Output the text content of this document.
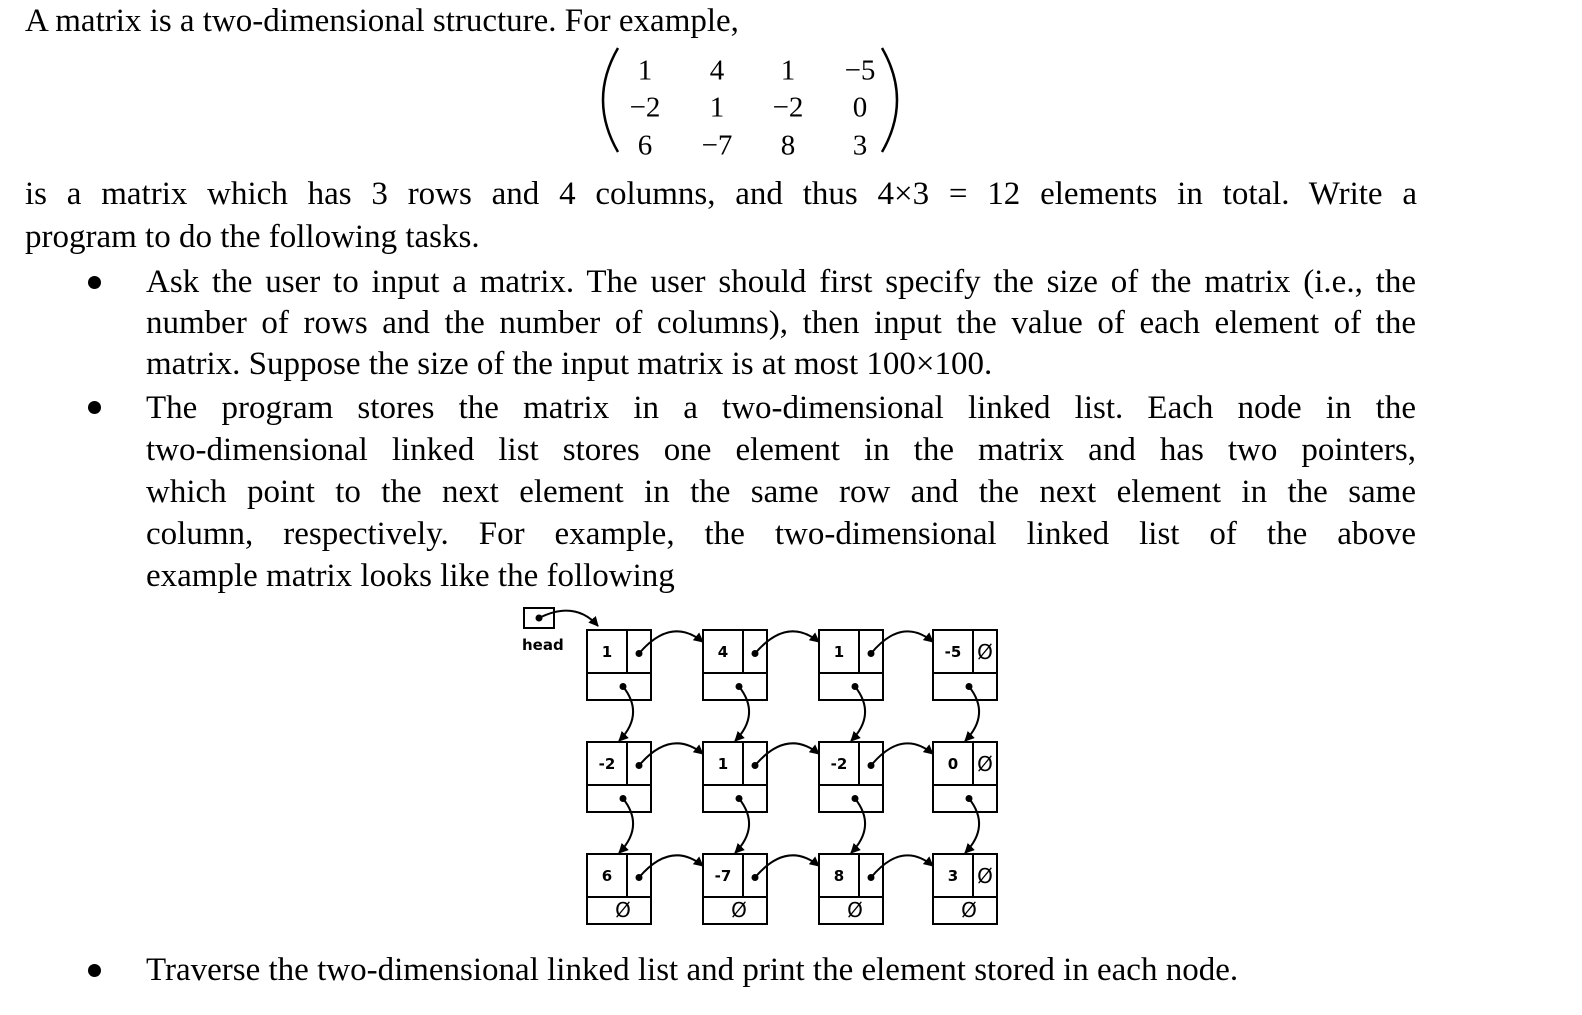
A matrix is a two-dimensional structure. For example,
1 4 1 −5
−2 1 −2 0
6 −7 8 3
is a matrix which has 3 rows and 4 columns, and thus 4×3 = 12 elements in total. Write a
program to do the following tasks.
Ask the user to input a matrix. The user should first specify the size of the matrix (i.e., the
number of rows and the number of columns), then input the value of each element of the
matrix. Suppose the size of the input matrix is at most 100×100.
The program stores the matrix in a two-dimensional linked list. Each node in the
two-dimensional linked list stores one element in the matrix and has two pointers,
which point to the next element in the same row and the next element in the same
column, respectively. For example, the two-dimensional linked list of the above
example matrix looks like the following
head	1	4	1	-5 Ø
-2	1	-2	0 Ø
6
Ø
-7
Ø
8
Ø
3 Ø
Ø
Traverse the two-dimensional linked list and print the element stored in each node.
